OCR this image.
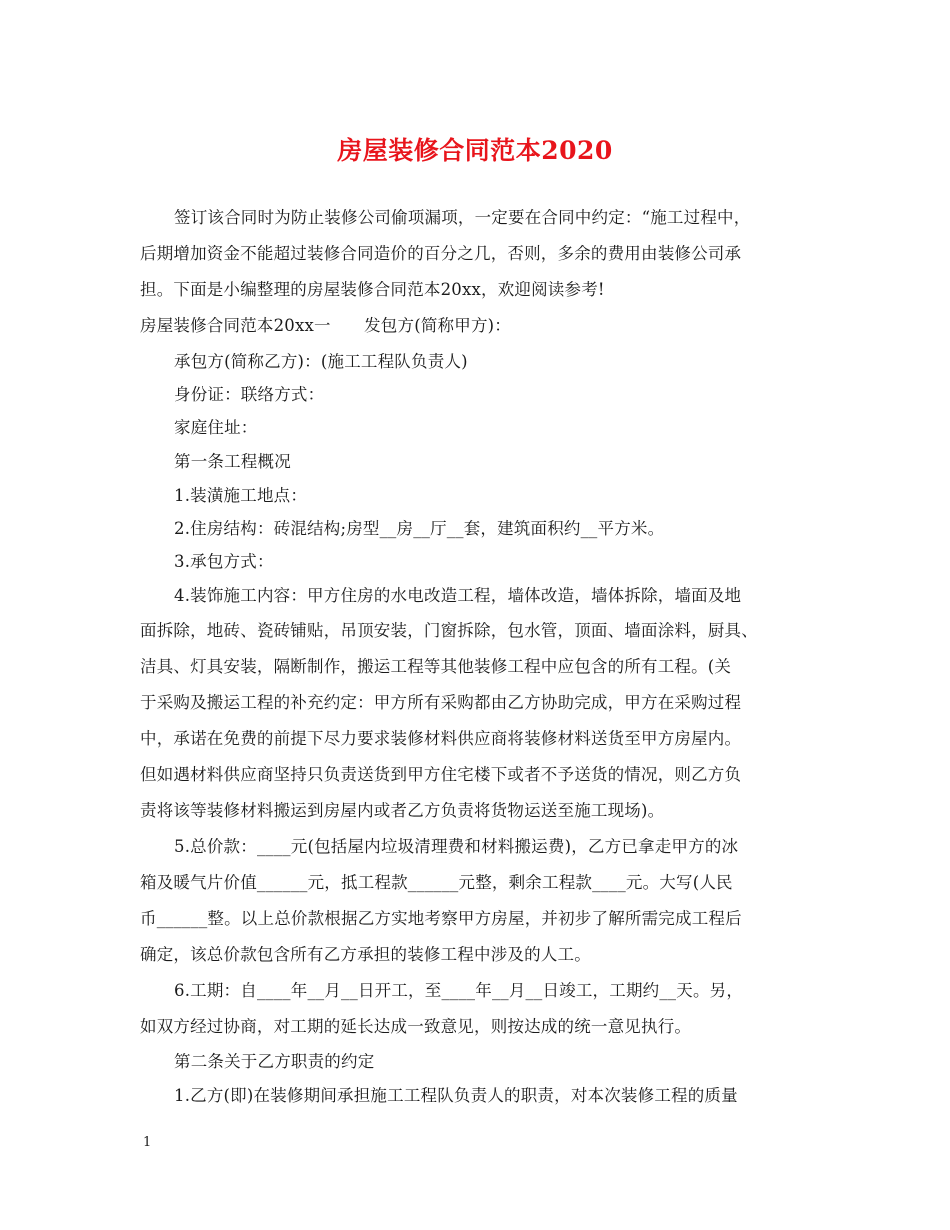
房屋装修合同范本2020
签订该合同时为防止装修公司偷项漏项，一定要在合同中约定：“施工过程中，
后期增加资金不能超过装修合同造价的百分之几，否则，多余的费用由装修公司承
担。下面是小编整理的房屋装修合同范本20xx，欢迎阅读参考!
房屋装修合同范本20xx一　　发包方(简称甲方)：
承包方(简称乙方)：(施工工程队负责人)
身份证：联络方式：
家庭住址：
第一条工程概况
1.装潢施工地点：
2.住房结构：砖混结构;房型__房__厅__套，建筑面积约__平方米。
3.承包方式：
4.装饰施工内容：甲方住房的水电改造工程，墙体改造，墙体拆除，墙面及地
面拆除，地砖、瓷砖铺贴，吊顶安装，门窗拆除，包水管，顶面、墙面涂料，厨具、
洁具、灯具安装，隔断制作，搬运工程等其他装修工程中应包含的所有工程。(关
于采购及搬运工程的补充约定：甲方所有采购都由乙方协助完成，甲方在采购过程
中，承诺在免费的前提下尽力要求装修材料供应商将装修材料送货至甲方房屋内。
但如遇材料供应商坚持只负责送货到甲方住宅楼下或者不予送货的情况，则乙方负
责将该等装修材料搬运到房屋内或者乙方负责将货物运送至施工现场)。
5.总价款：____元(包括屋内垃圾清理费和材料搬运费)，乙方已拿走甲方的冰
箱及暖气片价值______元，抵工程款______元整，剩余工程款____元。大写(人民
币______整。以上总价款根据乙方实地考察甲方房屋，并初步了解所需完成工程后
确定，该总价款包含所有乙方承担的装修工程中涉及的人工。
6.工期：自____年__月__日开工，至____年__月__日竣工，工期约__天。另，
如双方经过协商，对工期的延长达成一致意见，则按达成的统一意见执行。
第二条关于乙方职责的约定
1.乙方(即)在装修期间承担施工工程队负责人的职责，对本次装修工程的质量
1
